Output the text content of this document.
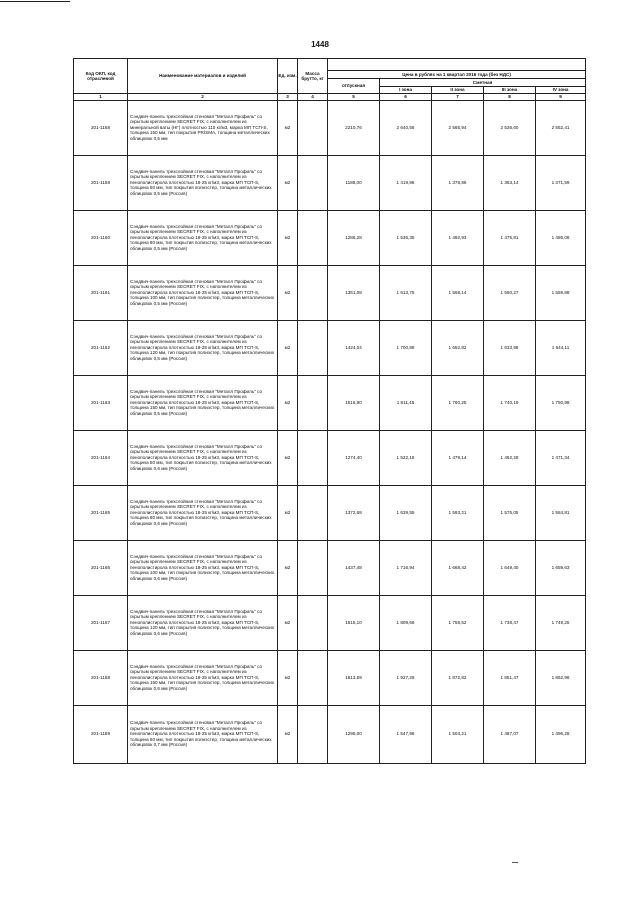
1448
Код ОКП, код отраслевой	Наименование материалов и изделий	Ед. изм.	Масса брутто, кг					
				Цена в рублях на 1 квартал 2016 года (без НДС)				
				отпускная	Сметная			
					I зона	II зона	III зона	IV зона
1	2	3	4	5	6	7	8	9
201-1158	Сэндвич-панель трехслойная стеновая "Металл Профиль" со скрытым креплением SECRET FIX, с наполнителем из минеральной ваты (НГ) плотностью 110 кг/м3, марка МП ТСП-S, толщина 150 мм, тип покрытия PRISMA, толщина металлических облицовок 0,5 мм	м2		2210,76	2 640,56	2 565,94	2 536,60	2 552,41
201-1159	Сэндвич-панель трехслойная стеновая "Металл Профиль" со скрытым креплением SECRET FIX, с наполнителем из пенополистирола плотностью 18-25 кг/м3, марка МП ТСП-S, толщина 50 мм, тип покрытия полиэстер, толщина металлических облицовок 0,5 мм (Россия)	м2		1188,00	1 419,96	1 378,86	1 363,14	1 371,59
201-1160	Сэндвич-панель трехслойная стеновая "Металл Профиль" со скрытым креплением SECRET FIX, с наполнителем из пенополистирола плотностью 18-25 кг/м3, марка МП ТСП-S, толщина 80 мм, тип покрытия полиэстер, толщина металлических облицовок 0,5 мм (Россия)	м2		1286,28	1 536,35	1 492,93	1 475,91	1 485,06
201-1161	Сэндвич-панель трехслойная стеновая "Металл Профиль" со скрытым креплением SECRET FIX, с наполнителем из пенополистирола плотностью 18-25 кг/м3, марка МП ТСП-S, толщина 100 мм, тип покрытия полиэстер, толщина металлических облицовок 0,5 мм (Россия)	м2		1351,08	1 613,75	1 568,14	1 550,27	1 559,88
201-1162	Сэндвич-панель трехслойная стеновая "Металл Профиль" со скрытым креплением SECRET FIX, с наполнителем из пенополистирола плотностью 18-25 кг/м3, марка МП ТСП-S, толщина 120 мм, тип покрытия полиэстер, толщина металлических облицовок 0,5 мм (Россия)	м2		1424,04	1 700,89	1 652,82	1 633,98	1 644,11
201-1163	Сэндвич-панель трехслойная стеновая "Металл Профиль" со скрытым креплением SECRET FIX, с наполнителем из пенополистирола плотностью 18-25 кг/м3, марка МП ТСП-S, толщина 150 мм, тип покрытия полиэстер, толщина металлических облицовок 0,5 мм (Россия)	м2		1516,90	1 811,45	1 760,25	1 740,19	1 750,98
201-1164	Сэндвич-панель трехслойная стеновая "Металл Профиль" со скрытым креплением SECRET FIX, с наполнителем из пенополистирола плотностью 18-25 кг/м3, марка МП ТСП-S, толщина 50 мм, тип покрытия полиэстер, толщина металлических облицовок 0,6 мм (Россия)	м2		1274,40	1 522,16	1 479,14	1 462,28	1 471,34
201-1165	Сэндвич-панель трехслойная стеновая "Металл Профиль" со скрытым креплением SECRET FIX, с наполнителем из пенополистирола плотностью 18-25 кг/м3, марка МП ТСП-S, толщина 80 мм, тип покрытия полиэстер, толщина металлических облицовок 0,6 мм (Россия)	м2		1372,68	1 639,55	1 593,21	1 575,05	1 584,81
201-1166	Сэндвич-панель трехслойная стеновая "Металл Профиль" со скрытым креплением SECRET FIX, с наполнителем из пенополистирола плотностью 18-25 кг/м3, марка МП ТСП-S, толщина 100 мм, тип покрытия полиэстер, толщина металлических облицовок 0,6 мм (Россия)	м2		1437,48	1 716,94	1 668,42	1 649,40	1 659,63
201-1167	Сэндвич-панель трехслойная стеновая "Металл Профиль" со скрытым креплением SECRET FIX, с наполнителем из пенополистирола плотностью 18-25 кг/м3, марка МП ТСП-S, толщина 120 мм, тип покрытия полиэстер, толщина металлических облицовок 0,6 мм (Россия)	м2		1515,10	1 809,66	1 758,52	1 738,47	1 749,25
201-1168	Сэндвич-панель трехслойная стеновая "Металл Профиль" со скрытым креплением SECRET FIX, с наполнителем из пенополистирола плотностью 18-25 кг/м3, марка МП ТСП-S, толщина 150 мм, тип покрытия полиэстер, толщина металлических облицовок 0,6 мм (Россия)	м2		1613,59	1 927,29	1 872,82	1 851,47	1 862,96
201-1169	Сэндвич-панель трехслойная стеновая "Металл Профиль" со скрытым креплением SECRET FIX, с наполнителем из пенополистирола плотностью 18-25 кг/м3, марка МП ТСП-S, толщина 50 мм, тип покрытия полиэстер, толщина металлических облицовок 0,7 мм (Россия)	м2		1296,00	1 547,96	1 504,21	1 487,07	1 496,28
